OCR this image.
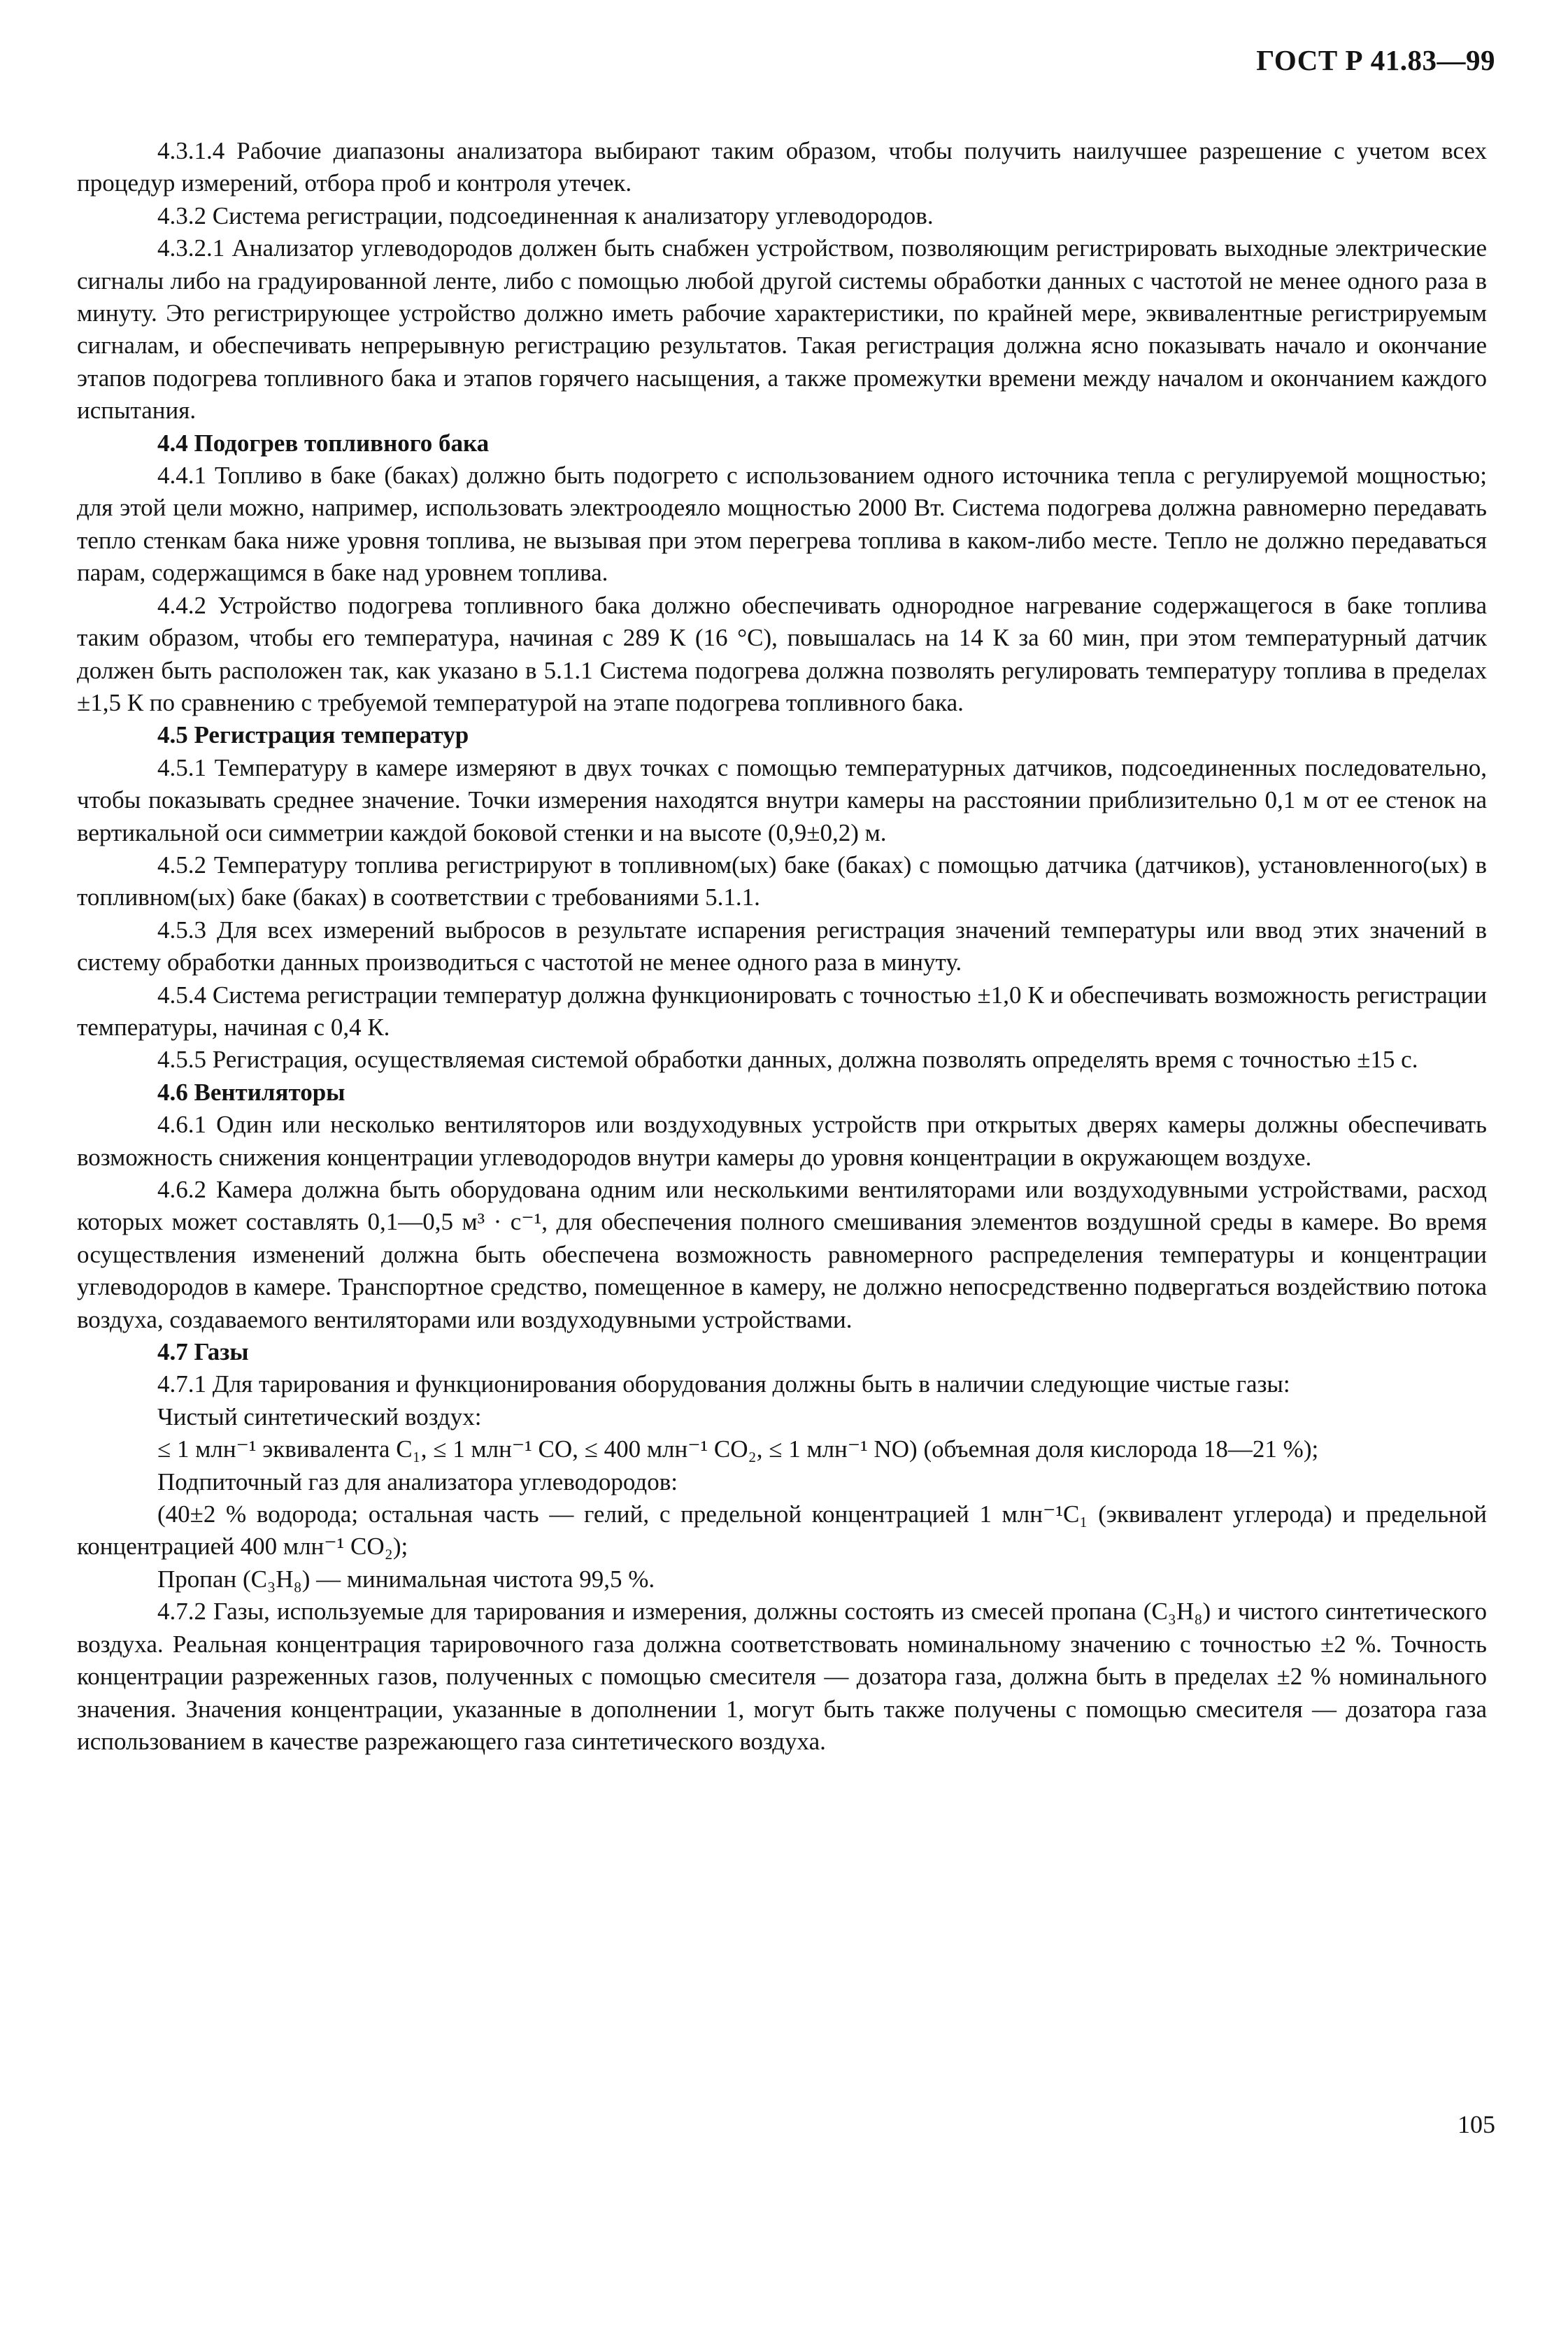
ГОСТ Р 41.83—99

4.3.1.4 Рабочие диапазоны анализатора выбирают таким образом, чтобы получить наилучшее разрешение с учетом всех процедур измерений, отбора проб и контроля утечек.

4.3.2 Система регистрации, подсоединенная к анализатору углеводородов.

4.3.2.1 Анализатор углеводородов должен быть снабжен устройством, позволяющим регистрировать выходные электрические сигналы либо на градуированной ленте, либо с помощью любой другой системы обработки данных с частотой не менее одного раза в минуту. Это регистрирующее устройство должно иметь рабочие характеристики, по крайней мере, эквивалентные регистрируемым сигналам, и обеспечивать непрерывную регистрацию результатов. Такая регистрация должна ясно показывать начало и окончание этапов подогрева топливного бака и этапов горячего насыщения, а также промежутки времени между началом и окончанием каждого испытания.

4.4 Подогрев топливного бака

4.4.1 Топливо в баке (баках) должно быть подогрето с использованием одного источника тепла с регулируемой мощностью; для этой цели можно, например, использовать электроодеяло мощностью 2000 Вт. Система подогрева должна равномерно передавать тепло стенкам бака ниже уровня топлива, не вызывая при этом перегрева топлива в каком-либо месте. Тепло не должно передаваться парам, содержащимся в баке над уровнем топлива.

4.4.2 Устройство подогрева топливного бака должно обеспечивать однородное нагревание содержащегося в баке топлива таким образом, чтобы его температура, начиная с 289 К (16 °С), повышалась на 14 К за 60 мин, при этом температурный датчик должен быть расположен так, как указано в 5.1.1 Система подогрева должна позволять регулировать температуру топлива в пределах ±1,5 К по сравнению с требуемой температурой на этапе подогрева топливного бака.

4.5 Регистрация температур

4.5.1 Температуру в камере измеряют в двух точках с помощью температурных датчиков, подсоединенных последовательно, чтобы показывать среднее значение. Точки измерения находятся внутри камеры на расстоянии приблизительно 0,1 м от ее стенок на вертикальной оси симметрии каждой боковой стенки и на высоте (0,9±0,2) м.

4.5.2 Температуру топлива регистрируют в топливном(ых) баке (баках) с помощью датчика (датчиков), установленного(ых) в топливном(ых) баке (баках) в соответствии с требованиями 5.1.1.

4.5.3 Для всех измерений выбросов в результате испарения регистрация значений температуры или ввод этих значений в систему обработки данных производиться с частотой не менее одного раза в минуту.

4.5.4 Система регистрации температур должна функционировать с точностью ±1,0 К и обеспечивать возможность регистрации температуры, начиная с 0,4 К.

4.5.5 Регистрация, осуществляемая системой обработки данных, должна позволять определять время с точностью ±15 с.

4.6 Вентиляторы

4.6.1 Один или несколько вентиляторов или воздуходувных устройств при открытых дверях камеры должны обеспечивать возможность снижения концентрации углеводородов внутри камеры до уровня концентрации в окружающем воздухе.

4.6.2 Камера должна быть оборудована одним или несколькими вентиляторами или воздуходувными устройствами, расход которых может составлять 0,1—0,5 м³ · с⁻¹, для обеспечения полного смешивания элементов воздушной среды в камере. Во время осуществления изменений должна быть обеспечена возможность равномерного распределения температуры и концентрации углеводородов в камере. Транспортное средство, помещенное в камеру, не должно непосредственно подвергаться воздействию потока воздуха, создаваемого вентиляторами или воздуходувными устройствами.

4.7 Газы

4.7.1 Для тарирования и функционирования оборудования должны быть в наличии следующие чистые газы:

Чистый синтетический воздух:

≤ 1 млн⁻¹ эквивалента C₁, ≤ 1 млн⁻¹ CO, ≤ 400 млн⁻¹ CO₂, ≤ 1 млн⁻¹ NO) (объемная доля кислорода 18—21 %);

Подпиточный газ для анализатора углеводородов:

(40±2 % водорода; остальная часть — гелий, с предельной концентрацией 1 млн⁻¹C₁ (эквивалент углерода) и предельной концентрацией 400 млн⁻¹ CO₂);

Пропан (C₃H₈) — минимальная чистота 99,5 %.

4.7.2 Газы, используемые для тарирования и измерения, должны состоять из смесей пропана (C₃H₈) и чистого синтетического воздуха. Реальная концентрация тарировочного газа должна соответствовать номинальному значению с точностью ±2 %. Точность концентрации разреженных газов, полученных с помощью смесителя — дозатора газа, должна быть в пределах ±2 % номинального значения. Значения концентрации, указанные в дополнении 1, могут быть также получены с помощью смесителя — дозатора газа использованием в качестве разрежающего газа синтетического воздуха.

105
